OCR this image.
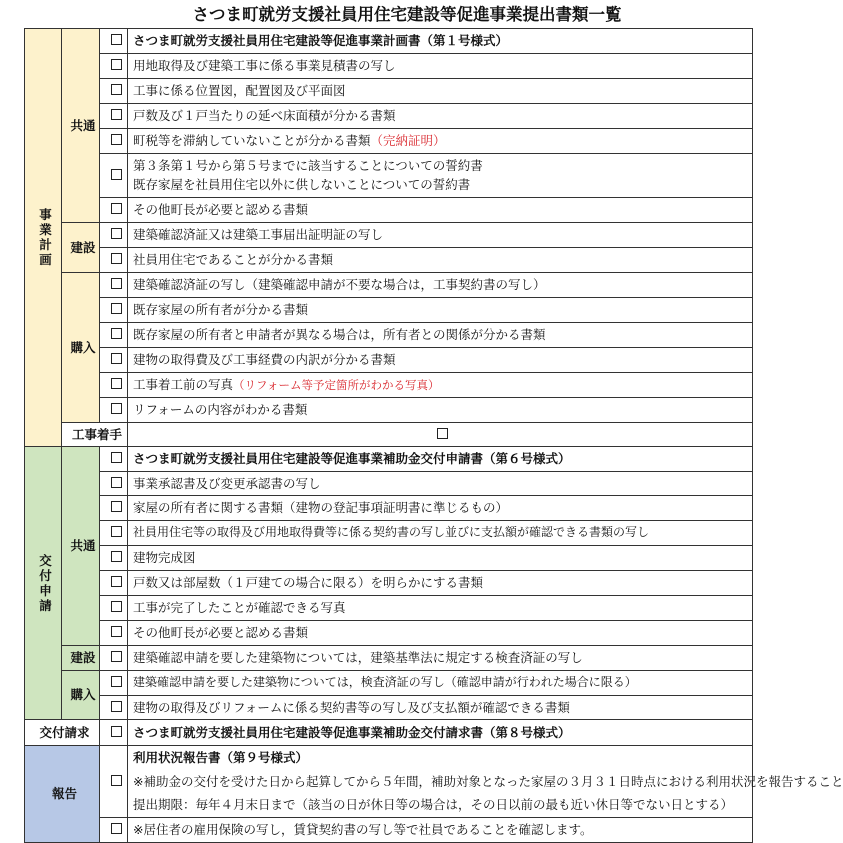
	さつま町就労支援社員用住宅建設等促進事業提出書類一覧			

事
業
計
画	共通		さつま町就労支援社員用住宅建設等促進事業計画書（第１号様式）	
			用地取得及び建築工事に係る事業見積書の写し	
			工事に係る位置図，配置図及び平面図	
			戸数及び１戸当たりの延べ床面積が分かる書類	
			町税等を滞納していないことが分かる書類（完納証明）	

			第３条第１号から第５号までに該当することについての誓約書
既存家屋を社員用住宅以外に供しないことについての誓約書	

			その他町長が必要と認める書類	
	建設		建築確認済証又は建築工事届出証明証の写し	
			社員用住宅であることが分かる書類	
	購入		建築確認済証の写し（建築確認申請が不要な場合は，工事契約書の写し）	
			既存家屋の所有者が分かる書類	
			既存家屋の所有者と申請者が異なる場合は，所有者との関係が分かる書類	
			建物の取得費及び工事経費の内訳が分かる書類	
			工事着工前の写真（リフォーム等予定箇所がわかる写真）	
			リフォームの内容がわかる書類	
	工事着手		

交
付
申
請	共通		さつま町就労支援社員用住宅建設等促進事業補助金交付申請書（第６号様式）	
			事業承認書及び変更承認書の写し	
			家屋の所有者に関する書類（建物の登記事項証明書に準じるもの）	
			社員用住宅等の取得及び用地取得費等に係る契約書の写し並びに支払額が確認できる書類の写し	
			建物完成図	
			戸数又は部屋数（１戸建ての場合に限る）を明らかにする書類	
			工事が完了したことが確認できる写真	
			その他町長が必要と認める書類	
	建設		建築確認申請を要した建築物については，建築基準法に規定する検査済証の写し	
	購入		建築確認申請を要した建築物については，検査済証の写し（確認申請が行われた場合に限る）	
			建物の取得及びリフォームに係る契約書等の写し及び支払額が確認できる書類	
交付請求			さつま町就労支援社員用住宅建設等促進事業補助金交付請求書（第８号様式）	
報告			利用状況報告書（第９号様式）	
			※補助金の交付を受けた日から起算してから５年間，補助対象となった家屋の３月３１日時点における利用状況を報告すること	
			提出期限：毎年４月末日まで（該当の日が休日等の場合は，その日以前の最も近い休日等でない日とする）	
			※居住者の雇用保険の写し，賃貸契約書の写し等で社員であることを確認します。	
